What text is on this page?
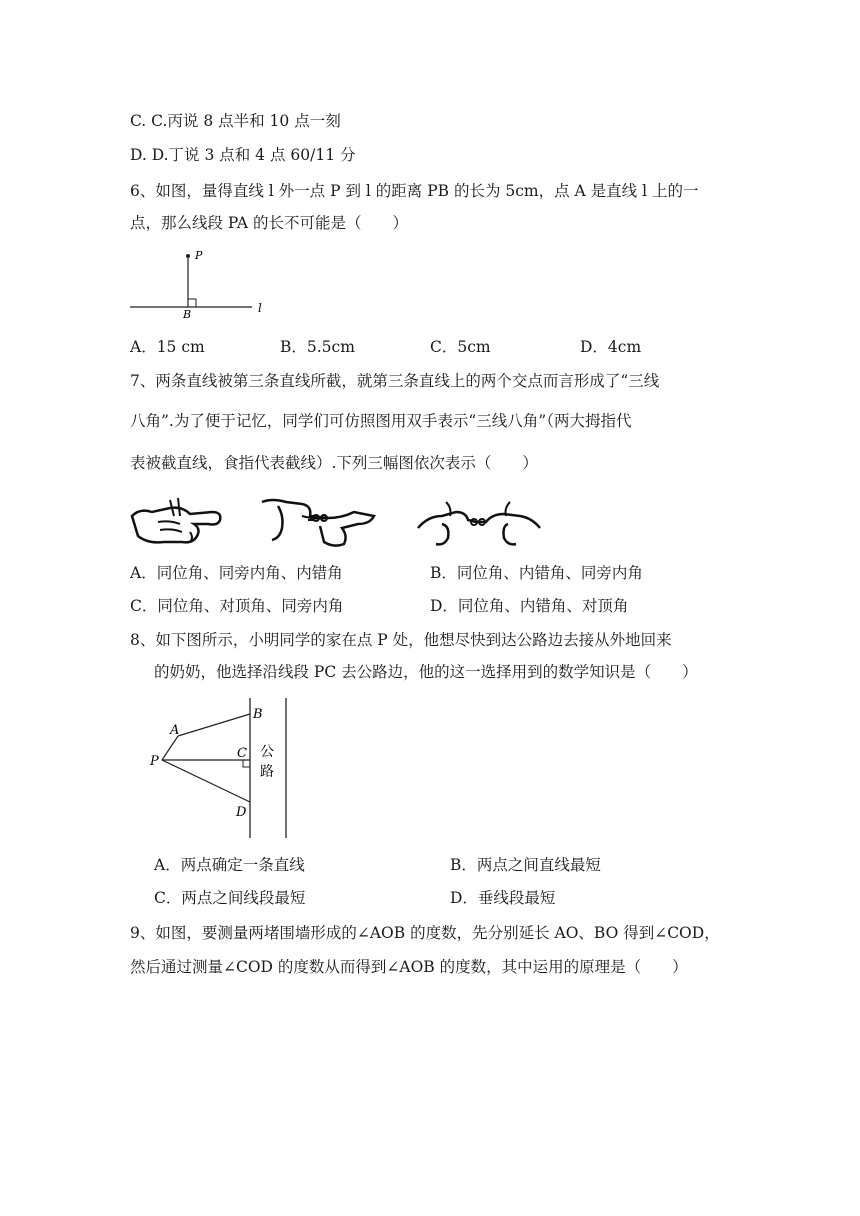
C. C.丙说 8 点半和 10 点一刻
D. D.丁说 3 点和 4 点 60/11 分
6、如图，量得直线 l 外一点 P 到 l 的距离 PB 的长为 5cm，点 A 是直线 l 上的一
点，那么线段 PA 的长不可能是（　　）
P
B	l
A．15 cm	B．5.5cm	C．5cm	D．4cm
7、两条直线被第三条直线所截，就第三条直线上的两个交点而言形成了“三线
八角”.为了便于记忆，同学们可仿照图用双手表示“三线八角”（两大拇指代
表被截直线，食指代表截线）.下列三幅图依次表示（　　）
A．同位角、同旁内角、内错角	B．同位角、内错角、同旁内角
C．同位角、对顶角、同旁内角	D．同位角、内错角、对顶角
8、如下图所示，小明同学的家在点 P 处，他想尽快到达公路边去接从外地回来
的奶奶，他选择沿线段 PC 去公路边，他的这一选择用到的数学知识是（　　）
A
B
C
D
P
公
路
A．两点确定一条直线	B．两点之间直线最短
C．两点之间线段最短	D．垂线段最短
9、如图，要测量两堵围墙形成的∠AOB 的度数，先分别延长 AO、BO 得到∠COD，
然后通过测量∠COD 的度数从而得到∠AOB 的度数，其中运用的原理是（　　）
